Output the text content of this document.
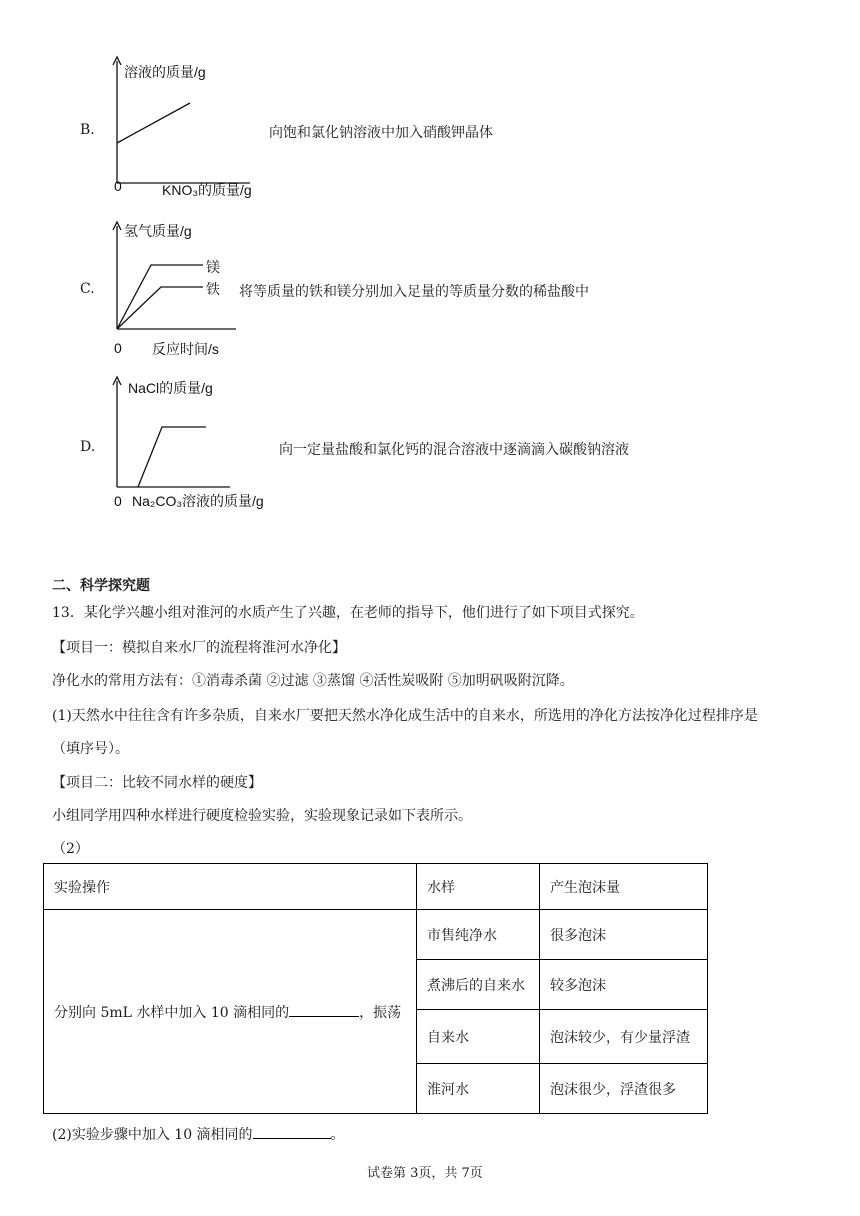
B.
溶液的质量/g
0	KNO₃的质量/g
向饱和氯化钠溶液中加入硝酸钾晶体
C.
氢气质量/g
镁
铁
0 反应时间/s
将等质量的铁和镁分别加入足量的等质量分数的稀盐酸中
D.
NaCl的质量/g
0 Na₂CO₃溶液的质量/g
向一定量盐酸和氯化钙的混合溶液中逐滴滴入碳酸钠溶液
二、科学探究题
13．某化学兴趣小组对淮河的水质产生了兴趣，在老师的指导下，他们进行了如下项目式探究。
【项目一：模拟自来水厂的流程将淮河水净化】
净化水的常用方法有：①消毒杀菌 ②过滤 ③蒸馏 ④活性炭吸附 ⑤加明矾吸附沉降。
(1)天然水中往往含有许多杂质，自来水厂要把天然水净化成生活中的自来水，所选用的净化方法按净化过程排序是
（填序号）。
【项目二：比较不同水样的硬度】
小组同学用四种水样进行硬度检验实验，实验现象记录如下表所示。
（2）
实验操作	水样	产生泡沫量
分别向 5mL 水样中加入 10 滴相同的 ，振荡	市售纯净水	很多泡沫
	煮沸后的自来水	较多泡沫
	自来水	泡沫较少，有少量浮渣
	淮河水	泡沫很少，浮渣很多
(2)实验步骤中加入 10 滴相同的	。
试卷第 3页，共 7页
